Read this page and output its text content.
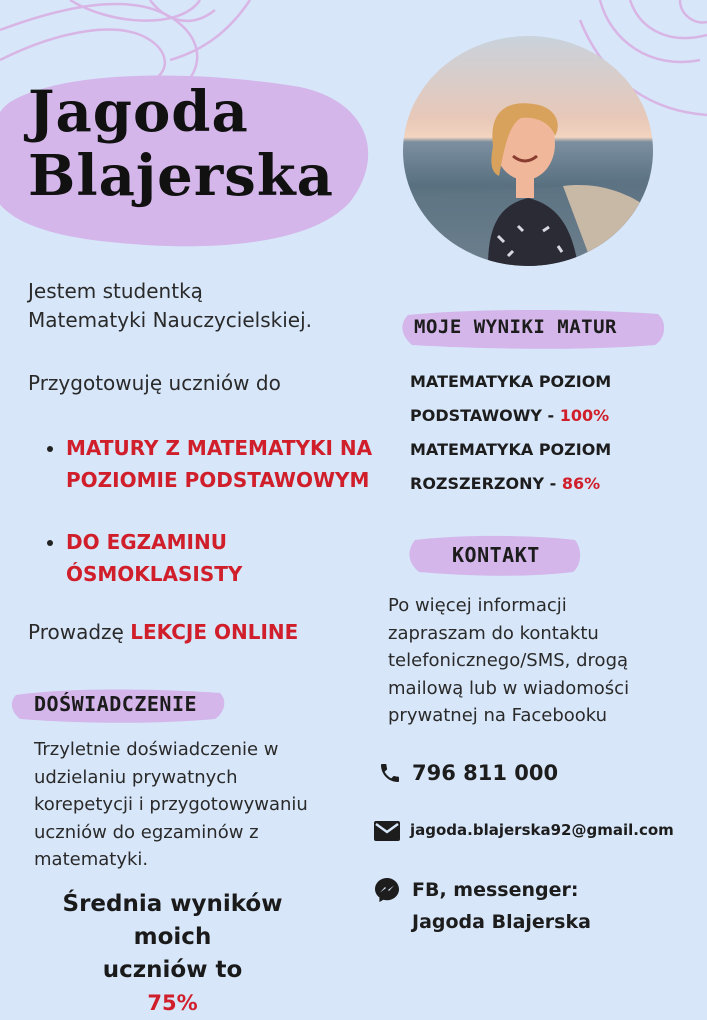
Jagoda
Blajerska
Jestem studentką
Matematyki Nauczycielskiej.
Przygotowuję uczniów do
• MATURY Z MATEMATYKI NA
POZIOMIE PODSTAWOWYM
• DO EGZAMINU
ÓSMOKLASISTY
Prowadzę LEKCJE ONLINE
DOŚWIADCZENIE
Trzyletnie doświadczenie w
udzielaniu prywatnych
korepetycji i przygotowywaniu
uczniów do egzaminów z
matematyki.
Średnia wyników moich
uczniów to
75%
MOJE WYNIKI MATUR
MATEMATYKA POZIOM
PODSTAWOWY - 100%
MATEMATYKA POZIOM
ROZSZERZONY - 86%
KONTAKT
Po więcej informacji
zapraszam do kontaktu
telefonicznego/SMS, drogą
mailową lub w wiadomości
prywatnej na Facebooku
796 811 000
jagoda.blajerska92@gmail.com
FB, messenger:
Jagoda Blajerska
